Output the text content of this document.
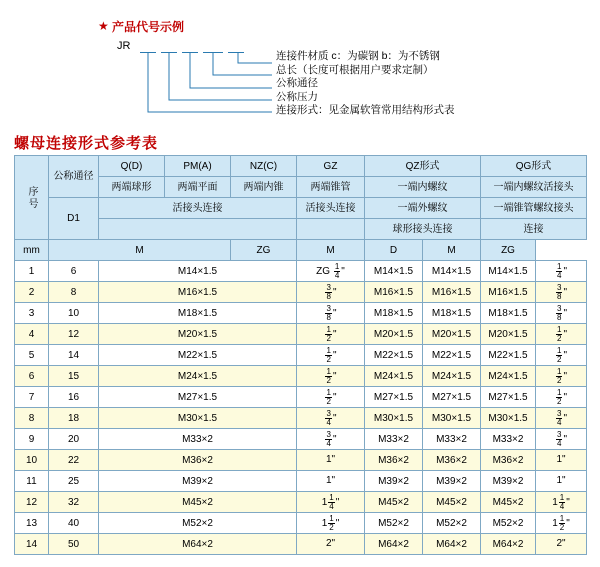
★ 产品代号示例
JR
连接件材质 c：为碳钢 b：为不锈钢
总长（长度可根据用户要求定制）
公称通径
公称压力
连接形式：见金属软管常用结构形式表
螺母连接形式参考表
序号	公称通径	Q(D)	PM(A)	NZ(C)	GZ	QZ形式		QG形式	
		两端球形	两端平面	两端内锥	两端锥管	一端内螺纹		一端内螺纹活接头	
	D1	活接头连接			活接头连接	一端外螺纹		一端锥管螺纹接头	
						球形接头连接		连接	
mm	M			ZG	M	D	M	ZG	
1	6	M14×1.5			ZG $\frac{1}{4}$ "	M14×1.5	M14×1.5	M14×1.5	$\frac{1}{4}$ "
2	8	M16×1.5			$\frac{3}{8}$ "	M16×1.5	M16×1.5	M16×1.5	$\frac{3}{8}$ "
3	10	M18×1.5			$\frac{3}{8}$ "	M18×1.5	M18×1.5	M18×1.5	$\frac{3}{8}$ "
4	12	M20×1.5			$\frac{1}{2}$ "	M20×1.5	M20×1.5	M20×1.5	$\frac{1}{2}$ "
5	14	M22×1.5			$\frac{1}{2}$ "	M22×1.5	M22×1.5	M22×1.5	$\frac{1}{2}$ "
6	15	M24×1.5			$\frac{1}{2}$ "	M24×1.5	M24×1.5	M24×1.5	$\frac{1}{2}$ "
7	16	M27×1.5			$\frac{1}{2}$ "	M27×1.5	M27×1.5	M27×1.5	$\frac{1}{2}$ "
8	18	M30×1.5			$\frac{3}{4}$ "	M30×1.5	M30×1.5	M30×1.5	$\frac{3}{4}$ "
9	20	M33×2			$\frac{3}{4}$ "	M33×2	M33×2	M33×2	$\frac{3}{4}$ "
10	22	M36×2			1"	M36×2	M36×2	M36×2	1"
11	25	M39×2			1"	M39×2	M39×2	M39×2	1"
12	32	M45×2			$1 \frac{1}{4}$ "	M45×2	M45×2	M45×2	$1 \frac{1}{4}$ "
13	40	M52×2			$1 \frac{1}{2}$ "	M52×2	M52×2	M52×2	$1 \frac{1}{2}$ "
14	50	M64×2			2"	M64×2	M64×2	M64×2	2"
